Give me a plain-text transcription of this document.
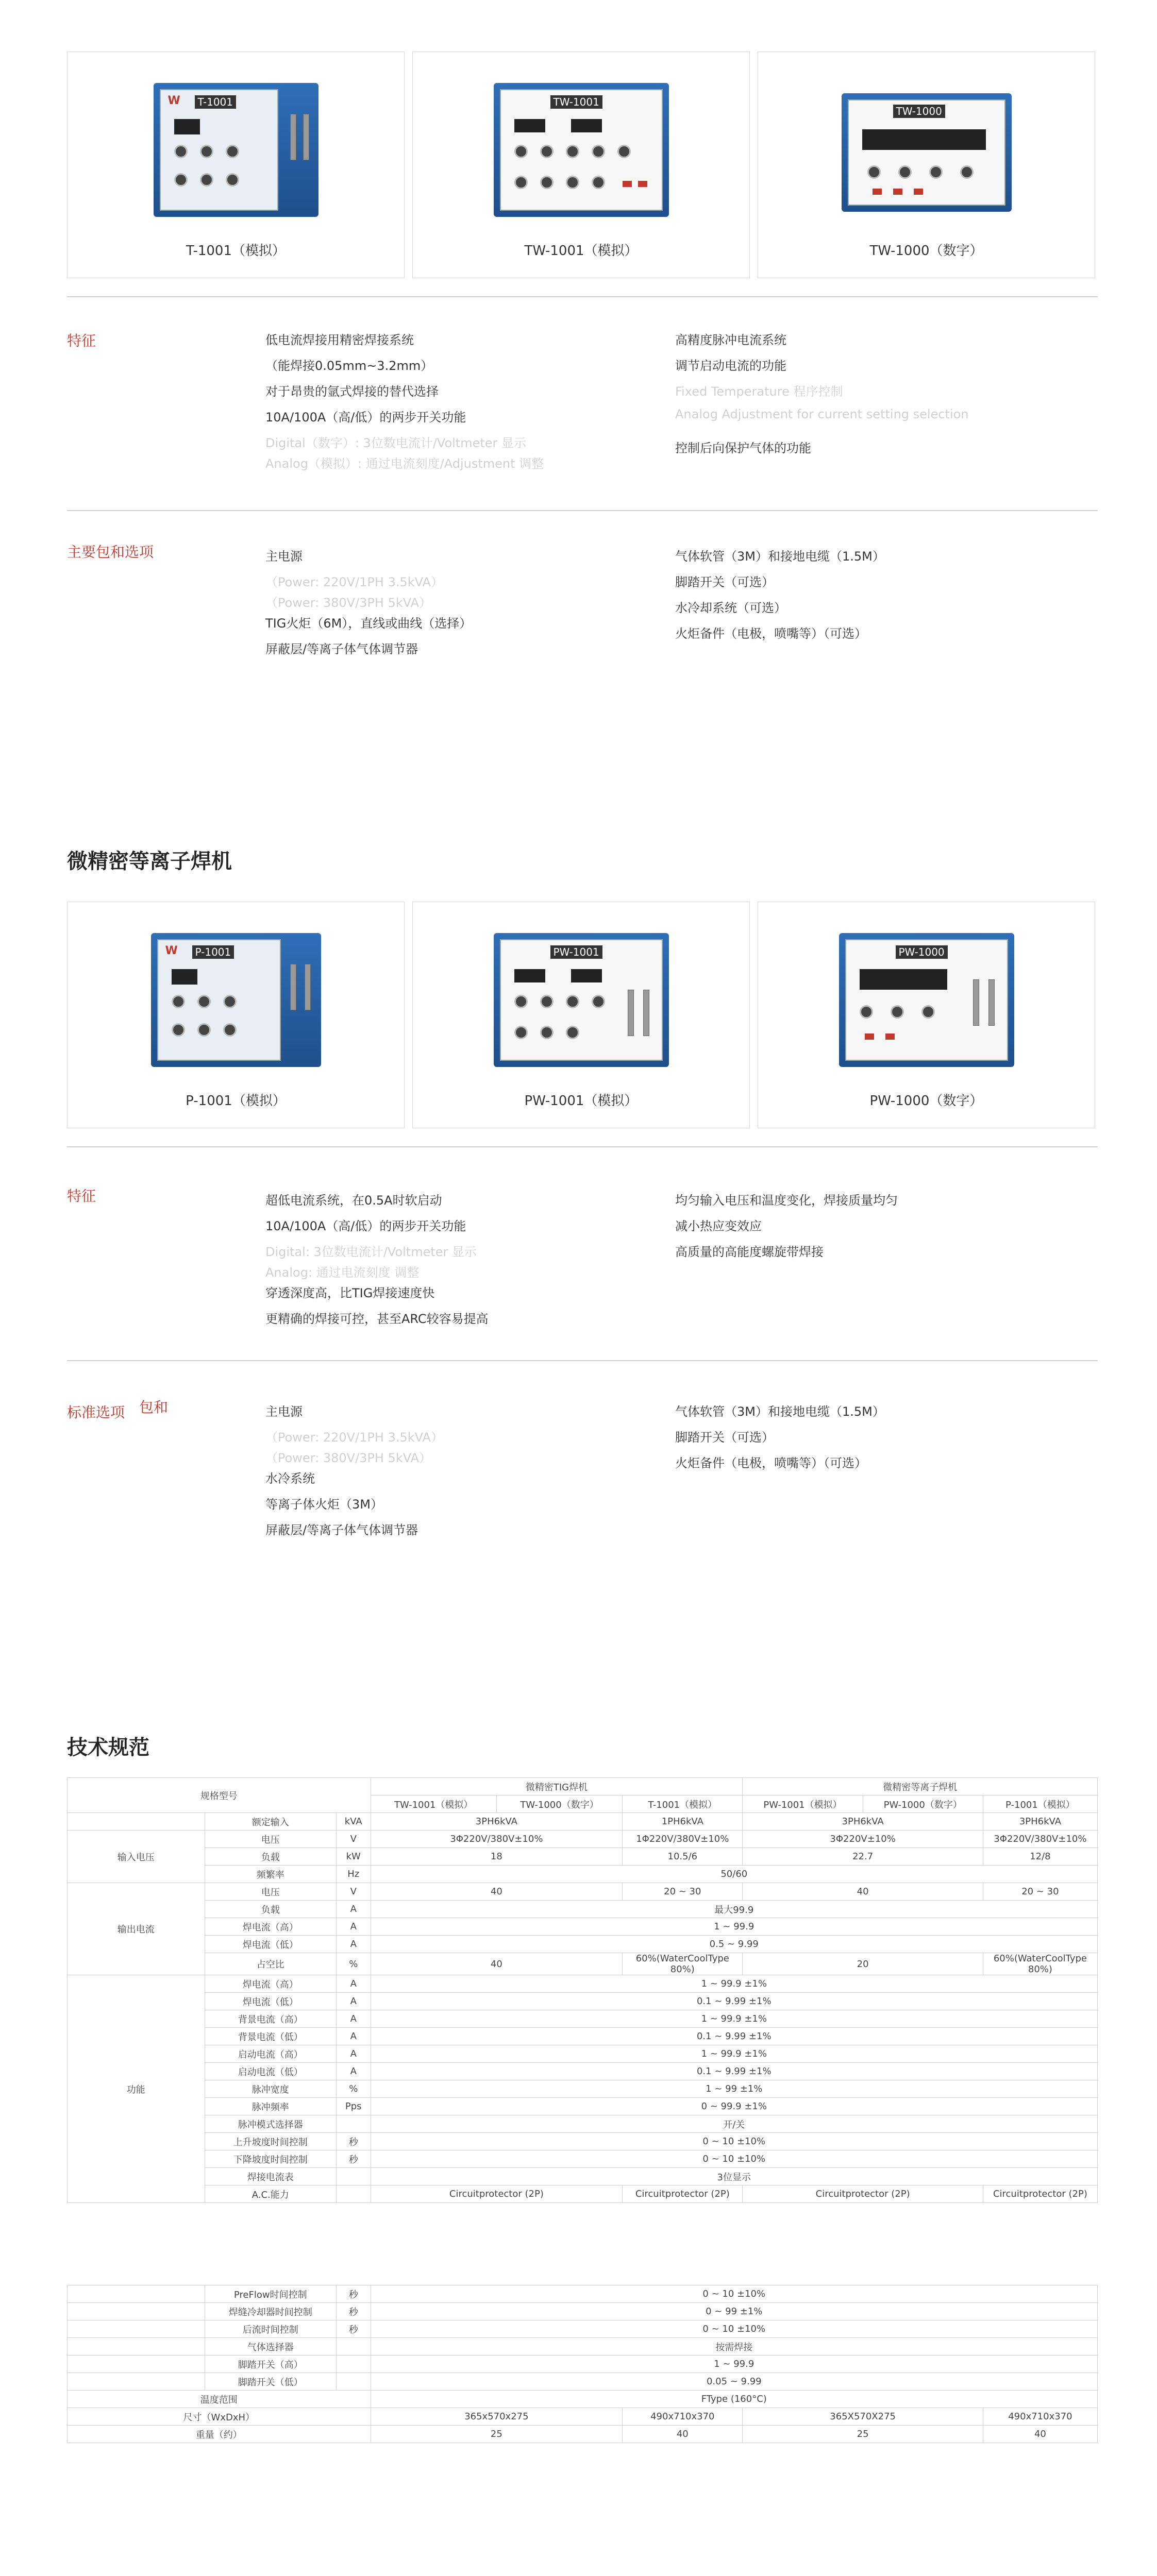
W	T-1001
T-1001（模拟）
TW-1001
TW-1001（模拟）
TW-1000
TW-1000（数字）
特征	低电流焊接用精密焊接系统
（能焊接0.05mm~3.2mm）
对于昂贵的氩式焊接的替代选择
10A/100A（高/低）的两步开关功能
Digital（数字）: 3位数电流计/Voltmeter 显示
Analog（模拟）: 通过电流刻度/Adjustment 调整
高精度脉冲电流系统
调节启动电流的功能
Fixed Temperature 程序控制
Analog Adjustment for current setting selection
控制后向保护气体的功能
主要包和选项	主电源
（Power: 220V/1PH 3.5kVA）
（Power: 380V/3PH 5kVA）
TIG火炬（6M），直线或曲线（选择）
屏蔽层/等离子体气体调节器
气体软管（3M）和接地电缆（1.5M）
脚踏开关（可选）
水冷却系统（可选）
火炬备件（电极，喷嘴等）（可选）
微精密等离子焊机
W	P-1001
P-1001（模拟）
PW-1001
PW-1001（模拟）
PW-1000
PW-1000（数字）
特征	超低电流系统，在0.5A时软启动
10A/100A（高/低）的两步开关功能
Digital: 3位数电流计/Voltmeter 显示
Analog: 通过电流刻度 调整
穿透深度高，比TIG焊接速度快
更精确的焊接可控，甚至ARC较容易提高
均匀输入电压和温度变化，焊接质量均匀
减小热应变效应
高质量的高能度螺旋带焊接
标准选项 包和	主电源
（Power: 220V/1PH 3.5kVA）
（Power: 380V/3PH 5kVA）
水冷系统
等离子体火炬（3M）
屏蔽层/等离子体气体调节器
气体软管（3M）和接地电缆（1.5M）
脚踏开关（可选）
火炬备件（电极，喷嘴等）（可选）
技术规范
规格型号			微精密TIG焊机			微精密等离子焊机		
			TW-1001（模拟）	TW-1000（数字）	T-1001（模拟）	PW-1001（模拟）	PW-1000（数字）	P-1001（模拟）
	额定输入	kVA	3PH6kVA		1PH6kVA	3PH6kVA		3PH6kVA
输入电压	电压	V	3Φ220V/380V±10%		1Φ220V/380V±10%	3Φ220V±10%		3Φ220V/380V±10%
	负载	kW	18		10.5/6	22.7		12/8
	频繁率	Hz	50/60					
输出电流	电压	V	40		20 ~ 30	40		20 ~ 30
	负载	A	最大99.9					
	焊电流（高）	A	1 ~ 99.9					
	焊电流（低）	A	0.5 ~ 9.99					
	占空比	%	40		60%(WaterCoolType 80%)	20		60%(WaterCoolType 80%)
功能	焊电流（高）	A	1 ~ 99.9 ±1%					
	焊电流（低）	A	0.1 ~ 9.99 ±1%					
	背景电流（高）	A	1 ~ 99.9 ±1%					
	背景电流（低）	A	0.1 ~ 9.99 ±1%					
	启动电流（高）	A	1 ~ 99.9 ±1%					
	启动电流（低）	A	0.1 ~ 9.99 ±1%					
	脉冲宽度	%	1 ~ 99 ±1%					
	脉冲频率	Pps	0 ~ 99.9 ±1%					
	脉冲模式选择器		开/关					
	上升坡度时间控制	秒	0 ~ 10 ±10%					
	下降坡度时间控制	秒	0 ~ 10 ±10%					
	焊接电流表		3位显示					
	A.C.能力		Circuitprotector (2P)		Circuitprotector (2P)	Circuitprotector (2P)		Circuitprotector (2P)

	PreFlow时间控制	秒	0 ~ 10 ±10%					
	焊缝冷却器时间控制	秒	0 ~ 99 ±1%					
	后流时间控制	秒	0 ~ 10 ±10%					
	气体选择器		按需焊接					
	脚踏开关（高）		1 ~ 99.9					
	脚踏开关（低）		0.05 ~ 9.99					
温度范围			FType (160°C)					
尺寸（WxDxH）			365x570x275		490x710x370	365X570X275		490x710x370
重量（约）			25		40	25		40
